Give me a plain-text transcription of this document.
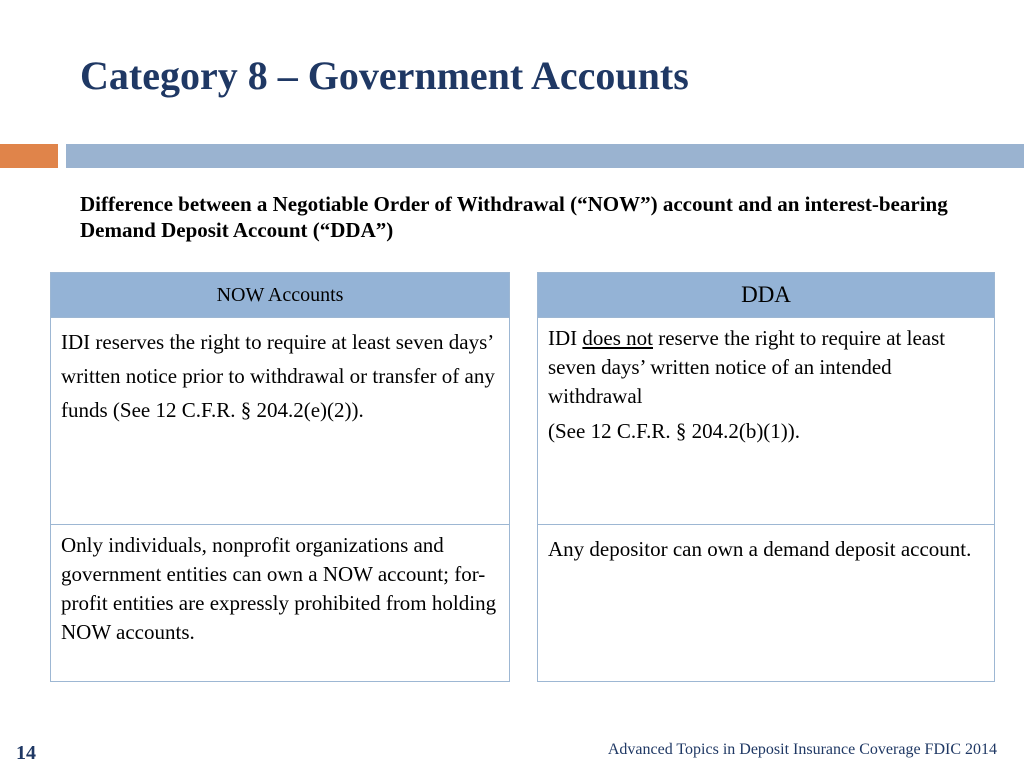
Category 8 – Government Accounts
Difference between a Negotiable Order of Withdrawal (“NOW”) account and an interest-bearing Demand Deposit Account (“DDA”)
NOW Accounts
IDI reserves the right to require at least seven days’ written notice prior to withdrawal or transfer of any funds (See 12 C.F.R. § 204.2(e)(2)).
Only individuals, nonprofit organizations and government entities can own a NOW account; for-profit entities are expressly prohibited from holding NOW accounts.
DDA
IDI does not reserve the right to require at least seven days’ written notice of an intended withdrawal
(See 12 C.F.R. § 204.2(b)(1)).
Any depositor can own a demand deposit account.
14	Advanced Topics in Deposit Insurance Coverage FDIC 2014
